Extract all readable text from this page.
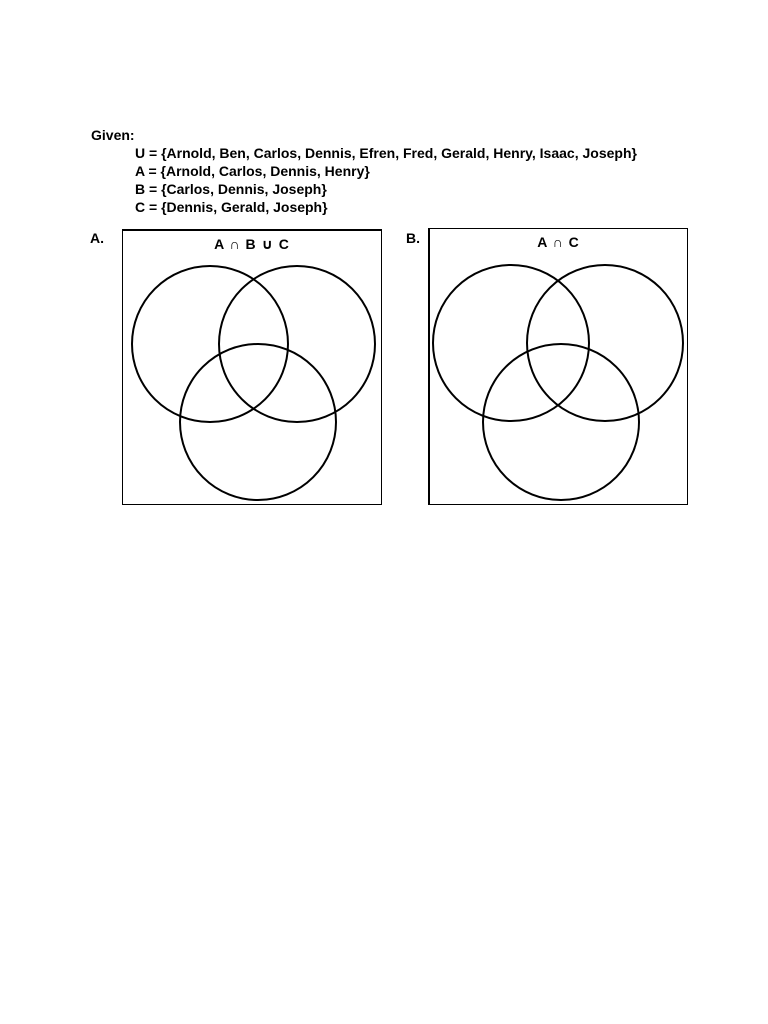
Given:
U = {Arnold, Ben, Carlos, Dennis, Efren, Fred, Gerald, Henry, Isaac, Joseph}
A = {Arnold, Carlos, Dennis, Henry}
B = {Carlos, Dennis, Joseph}
C = {Dennis, Gerald, Joseph}
A.	A ∩ B ∪ C	B.	A ∩ C
